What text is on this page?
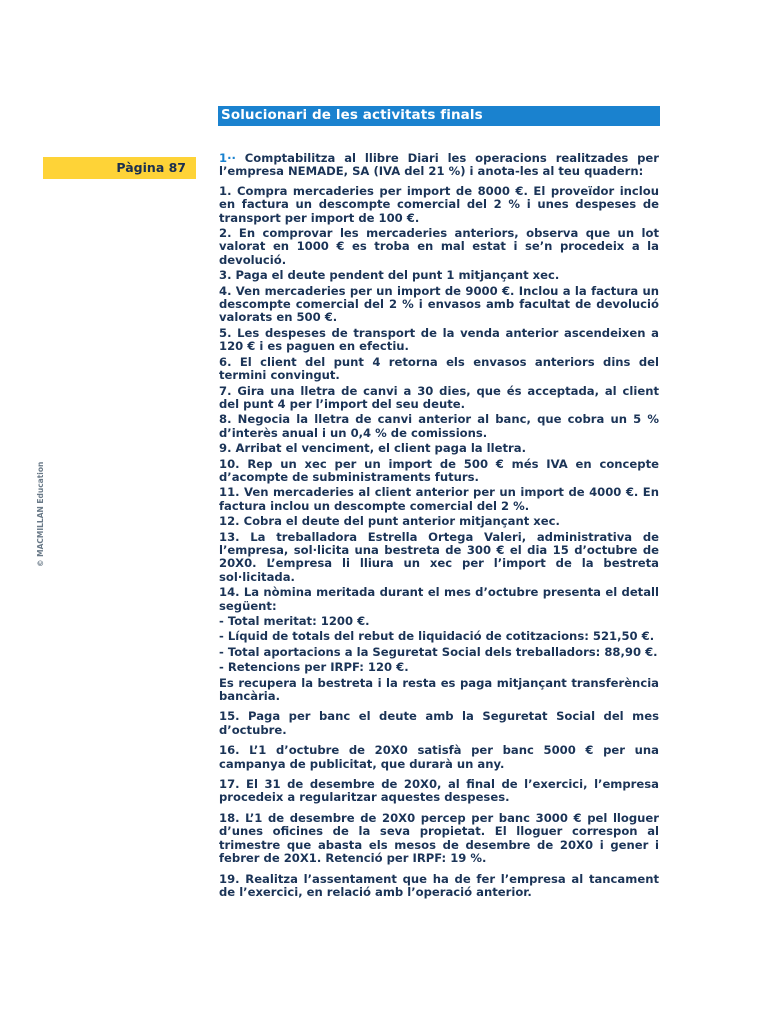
Solucionari de les activitats finals
Pàgina 87
© MACMILLAN Education

1·· Comptabilitza al llibre Diari les operacions realitzades per l’empresa NEMADE, SA (IVA del 21 %) i anota-les al teu quadern:

1. Compra mercaderies per import de 8000 €. El proveïdor inclou en factura un descompte comercial del 2 % i unes despeses de transport per import de 100 €.

2. En comprovar les mercaderies anteriors, observa que un lot valorat en 1000 € es troba en mal estat i se’n procedeix a la devolució.

3. Paga el deute pendent del punt 1 mitjançant xec.

4. Ven mercaderies per un import de 9000 €. Inclou a la factura un descompte comercial del 2 % i envasos amb facultat de devolució valorats en 500 €.

5. Les despeses de transport de la venda anterior ascendeixen a 120 € i es paguen en efectiu.

6. El client del punt 4 retorna els envasos anteriors dins del termini convingut.

7. Gira una lletra de canvi a 30 dies, que és acceptada, al client del punt 4 per l’import del seu deute.

8. Negocia la lletra de canvi anterior al banc, que cobra un 5 % d’interès anual i un 0,4 % de comissions.

9. Arribat el venciment, el client paga la lletra.

10. Rep un xec per un import de 500 € més IVA en concepte d’acompte de subministraments futurs.

11. Ven mercaderies al client anterior per un import de 4000 €. En factura inclou un descompte comercial del 2 %.

12. Cobra el deute del punt anterior mitjançant xec.

13. La treballadora Estrella Ortega Valeri, administrativa de l’empresa, sol·licita una bestreta de 300 € el dia 15 d’octubre de 20X0. L’empresa li lliura un xec per l’import de la bestreta sol·licitada.

14. La nòmina meritada durant el mes d’octubre presenta el detall següent:

- Total meritat: 1200 €.

- Líquid de totals del rebut de liquidació de cotitzacions: 521,50 €.

- Total aportacions a la Seguretat Social dels treballadors: 88,90 €.

- Retencions per IRPF: 120 €.

Es recupera la bestreta i la resta es paga mitjançant transferència bancària.

15. Paga per banc el deute amb la Seguretat Social del mes d’octubre.

16. L’1 d’octubre de 20X0 satisfà per banc 5000 € per una campanya de publicitat, que durarà un any.

17. El 31 de desembre de 20X0, al final de l’exercici, l’empresa procedeix a regularitzar aquestes despeses.

18. L’1 de desembre de 20X0 percep per banc 3000 € pel lloguer d’unes oficines de la seva propietat. El lloguer correspon al trimestre que abasta els mesos de desembre de 20X0 i gener i febrer de 20X1. Retenció per IRPF: 19 %.

19. Realitza l’assentament que ha de fer l’empresa al tancament de l’exercici, en relació amb l’operació anterior.
